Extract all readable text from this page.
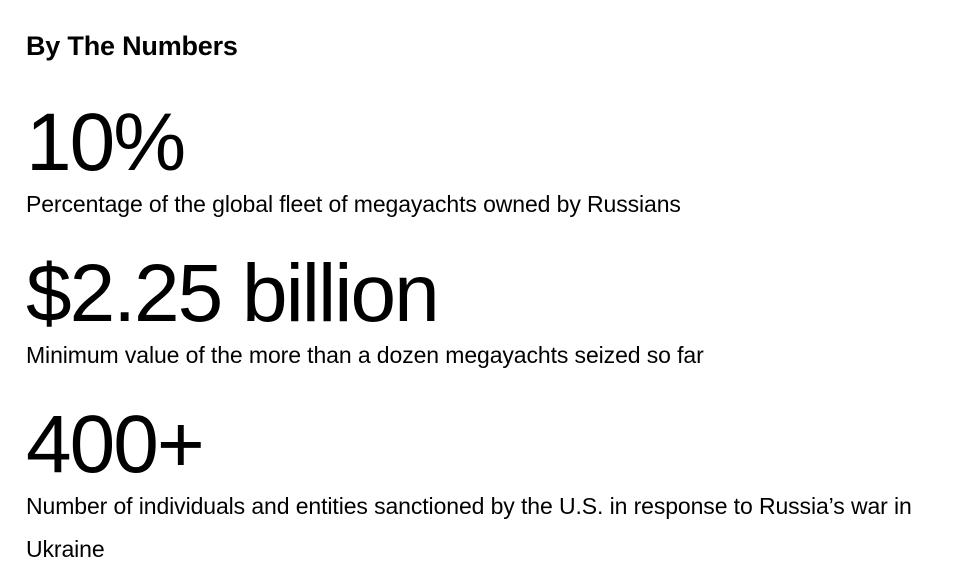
By The Numbers
10%
Percentage of the global fleet of megayachts owned by Russians
$2.25 billion
Minimum value of the more than a dozen megayachts seized so far
400+
Number of individuals and entities sanctioned by the U.S. in response to Russia’s war in Ukraine
